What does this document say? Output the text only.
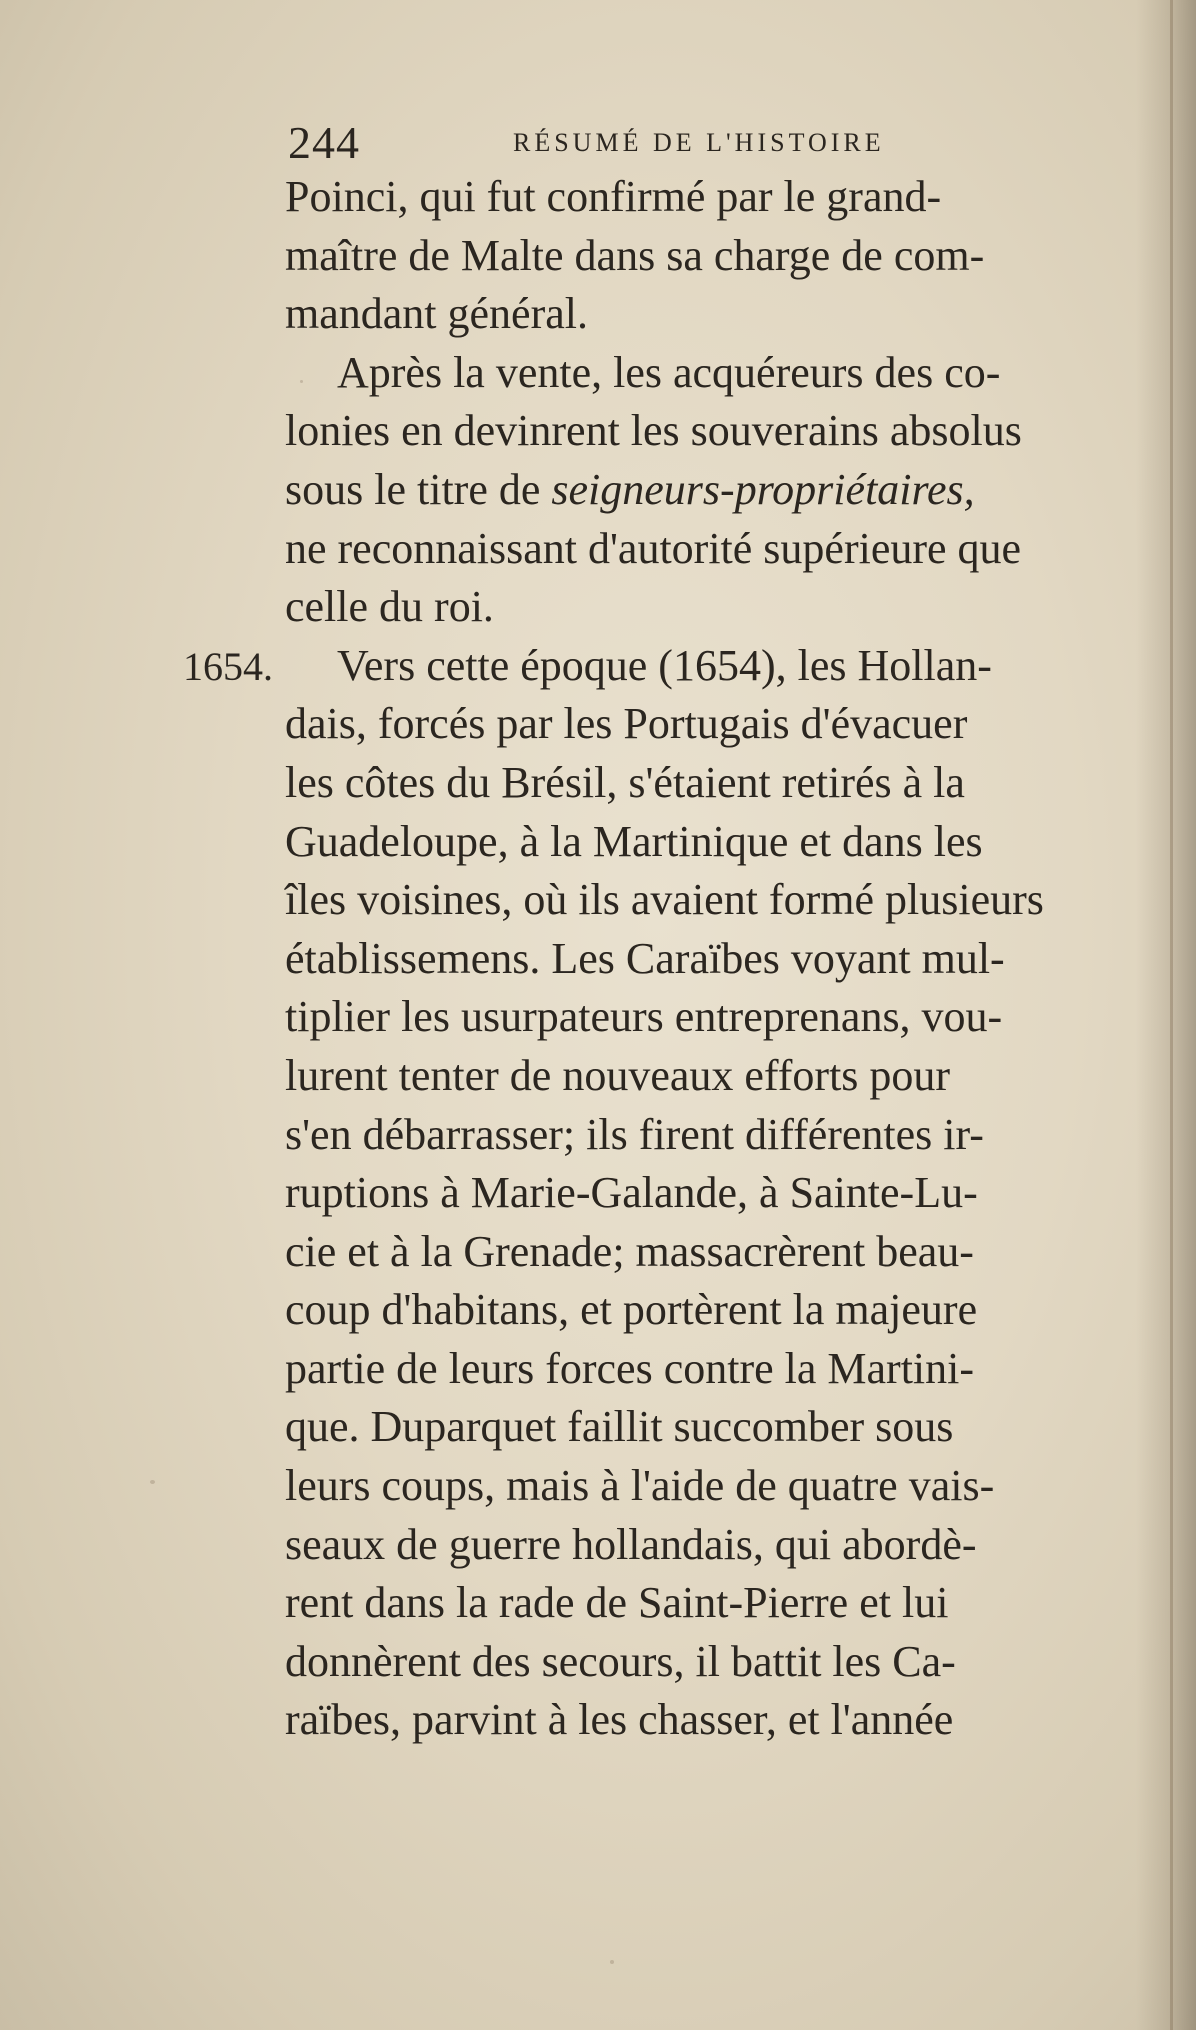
244	RÉSUMÉ DE L'HISTOIRE
1654.
Poinci, qui fut confirmé par le grand-
maître de Malte dans sa charge de com-
mandant général.
Après la vente, les acquéreurs des co-
lonies en devinrent les souverains absolus
sous le titre de seigneurs-propriétaires,
ne reconnaissant d'autorité supérieure que
celle du roi.
Vers cette époque (1654), les Hollan-
dais, forcés par les Portugais d'évacuer
les côtes du Brésil, s'étaient retirés à la
Guadeloupe, à la Martinique et dans les
îles voisines, où ils avaient formé plusieurs
établissemens. Les Caraïbes voyant mul-
tiplier les usurpateurs entreprenans, vou-
lurent tenter de nouveaux efforts pour
s'en débarrasser; ils firent différentes ir-
ruptions à Marie-Galande, à Sainte-Lu-
cie et à la Grenade; massacrèrent beau-
coup d'habitans, et portèrent la majeure
partie de leurs forces contre la Martini-
que. Duparquet faillit succomber sous
leurs coups, mais à l'aide de quatre vais-
seaux de guerre hollandais, qui abordè-
rent dans la rade de Saint-Pierre et lui
donnèrent des secours, il battit les Ca-
raïbes, parvint à les chasser, et l'année
